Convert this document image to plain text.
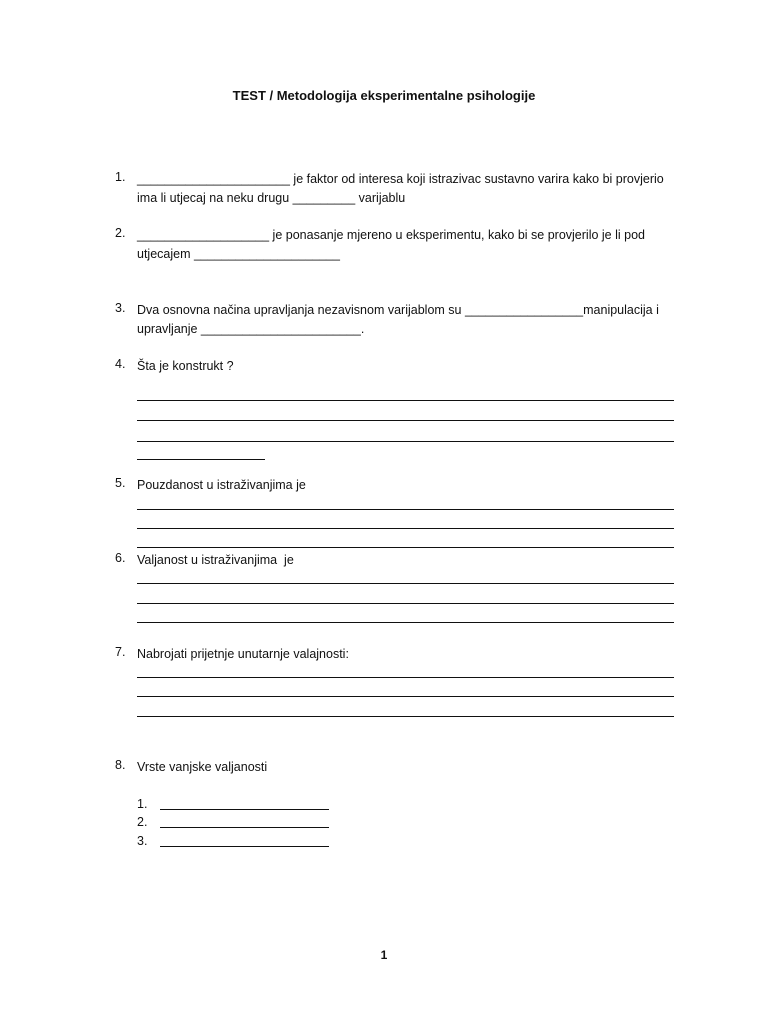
TEST / Metodologija eksperimentalne psihologije
1. ______________________ je faktor od interesa koji istrazivac sustavno varira kako bi provjerio
ima li utjecaj na neku drugu _________ varijablu
2. ___________________ je ponasanje mjereno u eksperimentu, kako bi se provjerilo je li pod
utjecajem _____________________
3. Dva osnovna načina upravljanja nezavisnom varijablom su _________________manipulacija i
upravljanje _______________________.
4. Šta je konstrukt ?
5. Pouzdanost u istraživanjima je
6. Valjanost u istraživanjima  je
7. Nabrojati prijetnje unutarnje valajnosti:
8. Vrste vanjske valjanosti
1.
2.
3.
1
